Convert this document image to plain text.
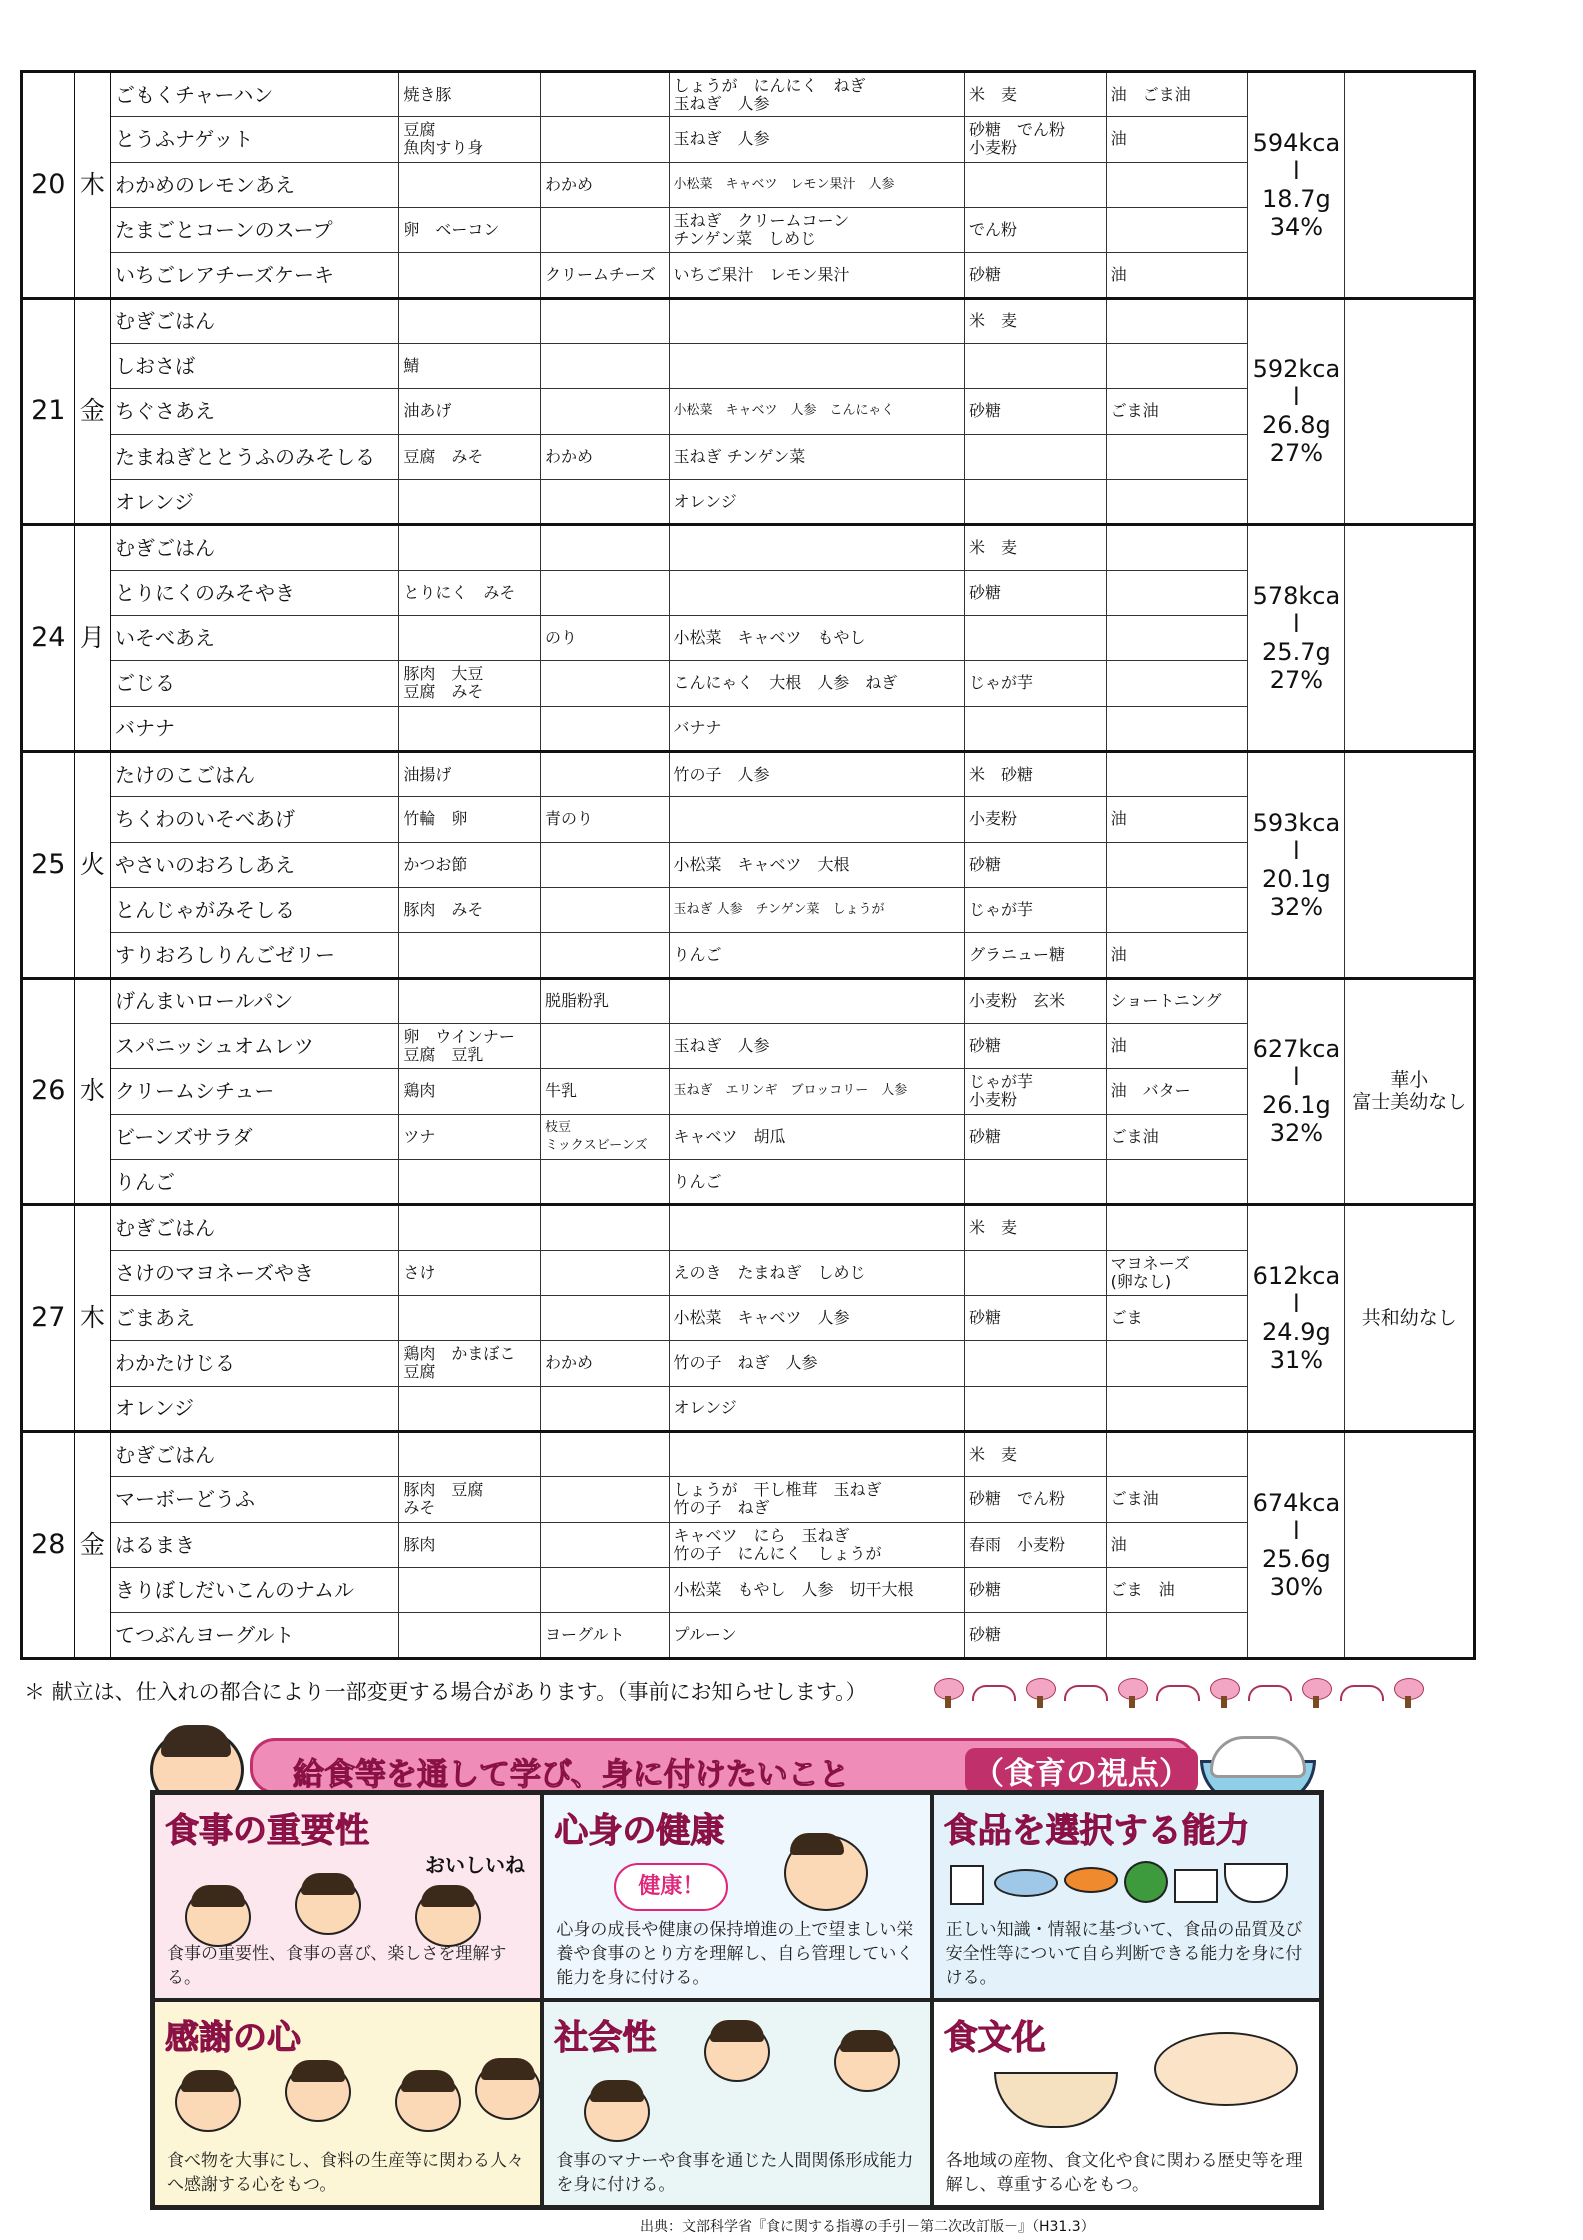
20	木	ごもくチャーハン	焼き豚		しょうが　にんにく　ねぎ
玉ねぎ　人参	米　麦	油　ごま油	594kca
l
18.7g
34%	

		とうふナゲット	豆腐
魚肉すり身		玉ねぎ　人参	砂糖　でん粉
小麦粉	油		

		わかめのレモンあえ		わかめ	小松菜　キャベツ　レモン果汁　人参				

		たまごとコーンのスープ	卵　ベーコン		玉ねぎ　クリームコーン
チンゲン菜　しめじ	でん粉			

		いちごレアチーズケーキ		クリームチーズ	いちご果汁　レモン果汁	砂糖	油		

21	金	むぎごはん				米　麦		592kca
l
26.8g
27%	

		しおさば	鯖						

		ちぐさあえ	油あげ		小松菜　キャベツ　人参　こんにゃく	砂糖	ごま油		

		たまねぎととうふのみそしる	豆腐　みそ	わかめ	玉ねぎ チンゲン菜				

		オレンジ			オレンジ				

24	月	むぎごはん				米　麦		578kca
l
25.7g
27%	

		とりにくのみそやき	とりにく　みそ			砂糖			

		いそべあえ		のり	小松菜　キャベツ　もやし				

		ごじる	豚肉　大豆
豆腐　みそ		こんにゃく　大根　人参　ねぎ	じゃが芋			

		バナナ			バナナ				

25	火	たけのこごはん	油揚げ		竹の子　人参	米　砂糖		593kca
l
20.1g
32%	

		ちくわのいそべあげ	竹輪　卵	青のり		小麦粉	油		

		やさいのおろしあえ	かつお節		小松菜　キャベツ　大根	砂糖			

		とんじゃがみそしる	豚肉　みそ		玉ねぎ 人参　チンゲン菜　しょうが	じゃが芋			

		すりおろしりんごゼリー			りんご	グラニュー糖	油		

26	水	げんまいロールパン		脱脂粉乳		小麦粉　玄米	ショートニング	627kca
l
26.1g
32%	華小
富士美幼なし

		スパニッシュオムレツ	卵　ウインナー
豆腐　豆乳		玉ねぎ　人参	砂糖	油		

		クリームシチュー	鶏肉	牛乳	玉ねぎ　エリンギ　ブロッコリー　人参	じゃが芋
小麦粉	油　バター		

		ビーンズサラダ	ツナ	枝豆
ミックスビーンズ	キャベツ　胡瓜	砂糖	ごま油		

		りんご			りんご				

27	木	むぎごはん				米　麦		612kca
l
24.9g
31%	共和幼なし

		さけのマヨネーズやき	さけ		えのき　たまねぎ　しめじ		マヨネーズ
(卵なし)		

		ごまあえ			小松菜　キャベツ　人参	砂糖	ごま		

		わかたけじる	鶏肉　かまぼこ
豆腐	わかめ	竹の子　ねぎ　人参				

		オレンジ			オレンジ				

28	金	むぎごはん				米　麦		674kca
l
25.6g
30%	

		マーボーどうふ	豚肉　豆腐
みそ		しょうが　干し椎茸　玉ねぎ
竹の子　ねぎ	砂糖　でん粉	ごま油		

		はるまき	豚肉		キャベツ　にら　玉ねぎ
竹の子　にんにく　しょうが	春雨　小麦粉	油		

		きりぼしだいこんのナムル			小松菜　もやし　人参　切干大根	砂糖	ごま　油		

		てつぶんヨーグルト		ヨーグルト	プルーン	砂糖			

＊ 献立は、仕入れの都合により一部変更する場合があります。（事前にお知らせします。）
給食等を通して学び、身に付けたいこと	（食育の視点）
食事の重要性
おいしいね
食事の重要性、食事の喜び、楽しさを理解する。
心身の健康
健康！
心身の成長や健康の保持増進の上で望ましい栄養や食事のとり方を理解し、自ら管理していく能力を身に付ける。
食品を選択する能力
正しい知識・情報に基づいて、食品の品質及び安全性等について自ら判断できる能力を身に付ける。
感謝の心
食べ物を大事にし、食料の生産等に関わる人々へ感謝する心をもつ。
社会性
食事のマナーや食事を通じた人間関係形成能力を身に付ける。
食文化
各地域の産物、食文化や食に関わる歴史等を理解し、尊重する心をもつ。
出典：文部科学省『食に関する指導の手引－第二次改訂版－』（H31.3）
